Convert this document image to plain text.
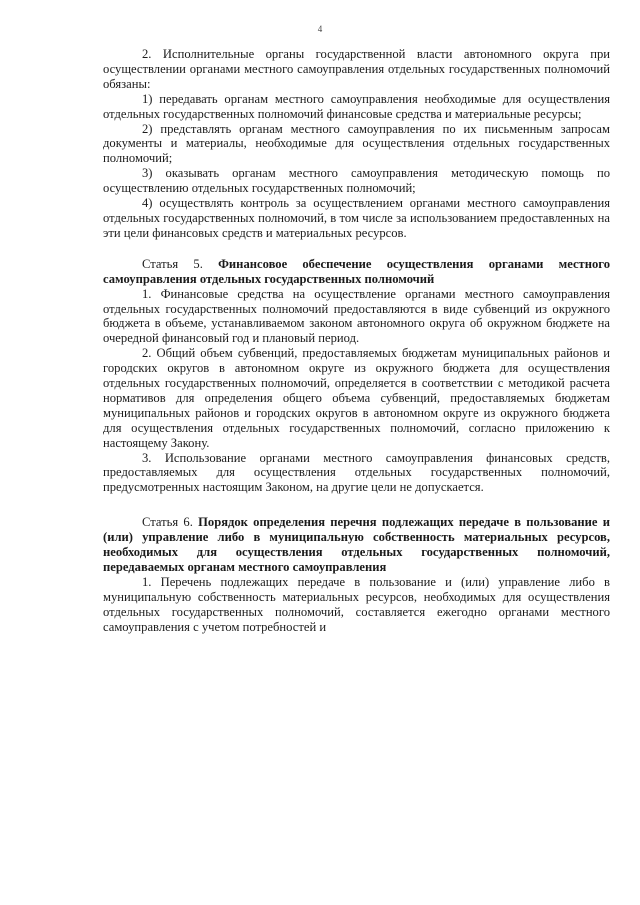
4

2. Исполнительные органы государственной власти автономного округа при осуществлении органами местного самоуправления отдельных государственных полномочий обязаны:

1) передавать органам местного самоуправления необходимые для осуществления отдельных государственных полномочий финансовые средства и материальные ресурсы;

2) представлять органам местного самоуправления по их письменным запросам документы и материалы, необходимые для осуществления отдельных государственных полномочий;

3) оказывать органам местного самоуправления методическую помощь по осуществлению отдельных государственных полномочий;

4) осуществлять контроль за осуществлением органами местного самоуправления отдельных государственных полномочий, в том числе за использованием предоставленных на эти цели финансовых средств и материальных ресурсов.

Статья 5. Финансовое обеспечение осуществления органами местного самоуправления отдельных государственных полномочий

1. Финансовые средства на осуществление органами местного самоуправления отдельных государственных полномочий предоставляются в виде субвенций из окружного бюджета в объеме, устанавливаемом законом автономного округа об окружном бюджете на очередной финансовый год и плановый период.

2. Общий объем субвенций, предоставляемых бюджетам муниципальных районов и городских округов в автономном округе из окружного бюджета для осуществления отдельных государственных полномочий, определяется в соответствии с методикой расчета нормативов для определения общего объема субвенций, предоставляемых бюджетам муниципальных районов и городских округов в автономном округе из окружного бюджета для осуществления отдельных государственных полномочий, согласно приложению к настоящему Закону.

3. Использование органами местного самоуправления финансовых средств, предоставляемых для осуществления отдельных государственных полномочий, предусмотренных настоящим Законом, на другие цели не допускается.

Статья 6. Порядок определения перечня подлежащих передаче в пользование и (или) управление либо в муниципальную собственность материальных ресурсов, необходимых для осуществления отдельных государственных полномочий, передаваемых органам местного самоуправления

1. Перечень подлежащих передаче в пользование и (или) управление либо в муниципальную собственность материальных ресурсов, необходимых для осуществления отдельных государственных полномочий, составляется ежегодно органами местного самоуправления с учетом потребностей и
